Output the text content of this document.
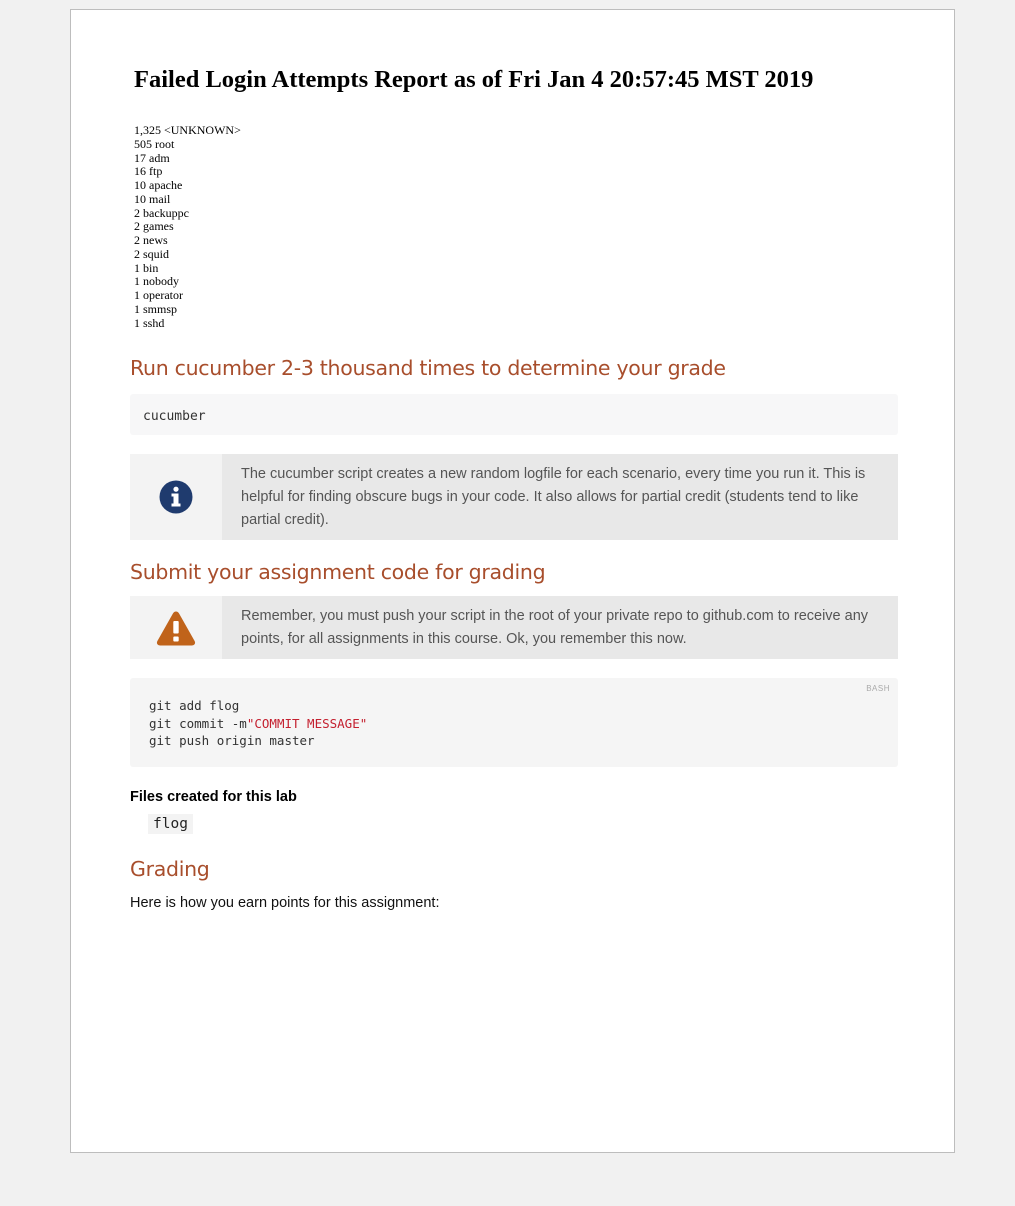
Failed Login Attempts Report as of Fri Jan 4 20:57:45 MST 2019
1,325 <UNKNOWN>
505 root
17 adm
16 ftp
10 apache
10 mail
2 backuppc
2 games
2 news
2 squid
1 bin
1 nobody
1 operator
1 smmsp
1 sshd
Run cucumber 2-3 thousand times to determine your grade
cucumber
The cucumber script creates a new random logfile for each scenario, every time you run it. This is helpful for finding obscure bugs in your code. It also allows for partial credit (students tend to like partial credit).
Submit your assignment code for grading
Remember, you must push your script in the root of your private repo to github.com to receive any points, for all assignments in this course. Ok, you remember this now.
BASH
git add flog
git commit -m"COMMIT MESSAGE"
git push origin master
Files created for this lab
flog
Grading
Here is how you earn points for this assignment:
